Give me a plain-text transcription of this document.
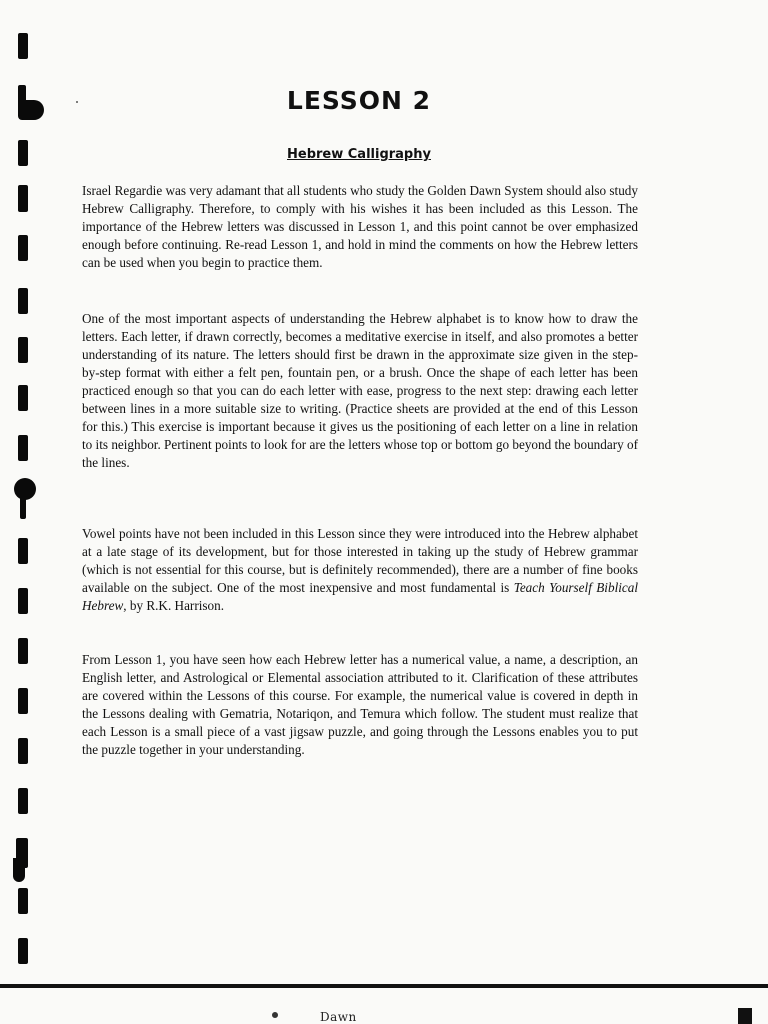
LESSON 2
Hebrew Calligraphy
Israel Regardie was very adamant that all students who study the Golden Dawn System should also study Hebrew Calligraphy. Therefore, to comply with his wishes it has been included as this Lesson. The importance of the Hebrew letters was discussed in Lesson 1, and this point cannot be over emphasized enough before continuing. Re-read Lesson 1, and hold in mind the comments on how the Hebrew letters can be used when you begin to practice them.
One of the most important aspects of understanding the Hebrew alphabet is to know how to draw the letters. Each letter, if drawn correctly, becomes a meditative exercise in itself, and also promotes a better understanding of its nature. The letters should first be drawn in the approximate size given in the step-by-step format with either a felt pen, fountain pen, or a brush. Once the shape of each letter has been practiced enough so that you can do each letter with ease, progress to the next step: drawing each letter between lines in a more suitable size to writing. (Practice sheets are provided at the end of this Lesson for this.) This exercise is important because it gives us the positioning of each letter on a line in relation to its neighbor. Pertinent points to look for are the letters whose top or bottom go beyond the boundary of the lines.
Vowel points have not been included in this Lesson since they were introduced into the Hebrew alphabet at a late stage of its development, but for those interested in taking up the study of Hebrew grammar (which is not essential for this course, but is definitely recommended), there are a number of fine books available on the subject. One of the most inexpensive and most fundamental is Teach Yourself Biblical Hebrew, by R.K. Harrison.
From Lesson 1, you have seen how each Hebrew letter has a numerical value, a name, a description, an English letter, and Astrological or Elemental association attributed to it. Clarification of these attributes are covered within the Lessons of this course. For example, the numerical value is covered in depth in the Lessons dealing with Gematria, Notariqon, and Temura which follow. The student must realize that each Lesson is a small piece of a vast jigsaw puzzle, and going through the Lessons enables you to put the puzzle together in your understanding.
Dawn
